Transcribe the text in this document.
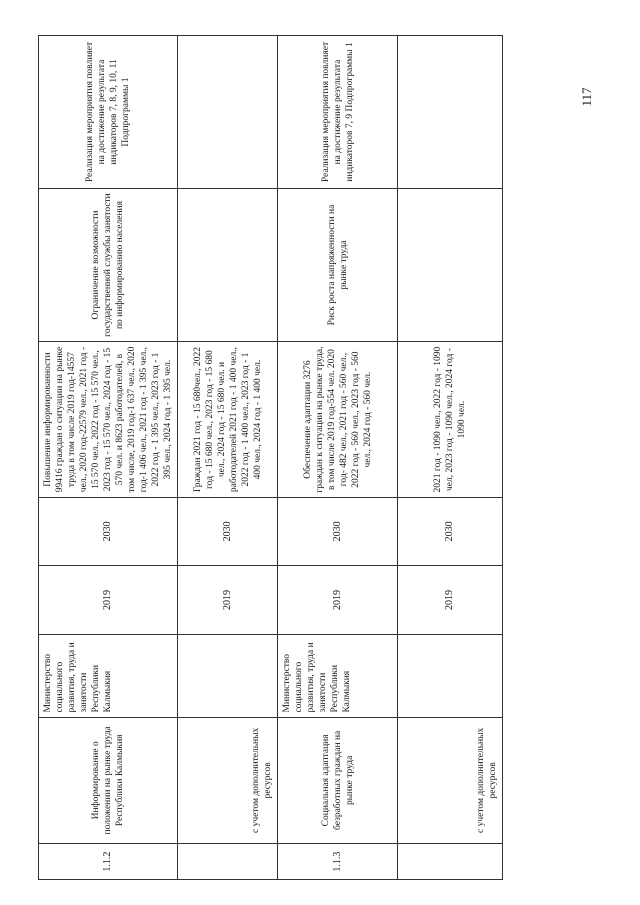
1.1.2	Информирование о положении на рынке труда Республики Калмыкия	Министерство социального развития, труда и занятости Республики Калмыкия	2019	2030	Повышение информированности 99416 граждан о ситуации на рынке труда в том числе 2019 год-14557 чел., 2020 год-22579 чел., 2021 год - 15 570 чел., 2022 год - 15 570 чел., 2023 год - 15 570 чел., 2024 год - 15 570 чел. и 8623 работодателей, в том числе, 2019 год-1 637 чел., 2020 год-1 406 чел., 2021 год - 1 395 чел., 2022 год - 1 395 чел., 2023 год - 1 395 чел., 2024 год - 1 395 чел.	Ограничение возможности государственной службы занятости по информированию населения	Реализация мероприятия повлияет на достижение результата индикаторов 7, 8, 9, 10, 11 Подпрограммы 1
	с учетом дополнительных ресурсов		2019	2030	Граждан 2021 год - 15 680чел., 2022 год - 15 680 чел., 2023 год - 15 680 чел., 2024 год - 15 680 чел. и работодателей 2021 год - 1 400 чел., 2022 год - 1 400 чел., 2023 год - 1 400 чел., 2024 год - 1 400 чел.		
1.1.3	Социальная адаптация безработных граждан на рынке труда	Министерство социального развития, труда и занятости Республики Калмыкия	2019	2030	Обеспечение адаптации 3276 граждан к ситуации на рынке труда, в том числе 2019 год-554 чел. 2020 год- 482 чел., 2021 год - 560 чел., 2022 год - 560 чел., 2023 год - 560 чел., 2024 год - 560 чел.	Риск роста напряженности на рынке труда	Реализация мероприятия повлияет на достижение результата индикаторов 7, 9 Подпрограммы 1
	с учетом дополнительных ресурсов		2019	2030	2021 год - 1090 чел., 2022 год - 1090 чел, 2023 год - 1090 чел., 2024 год - 1090 чел.		
117
